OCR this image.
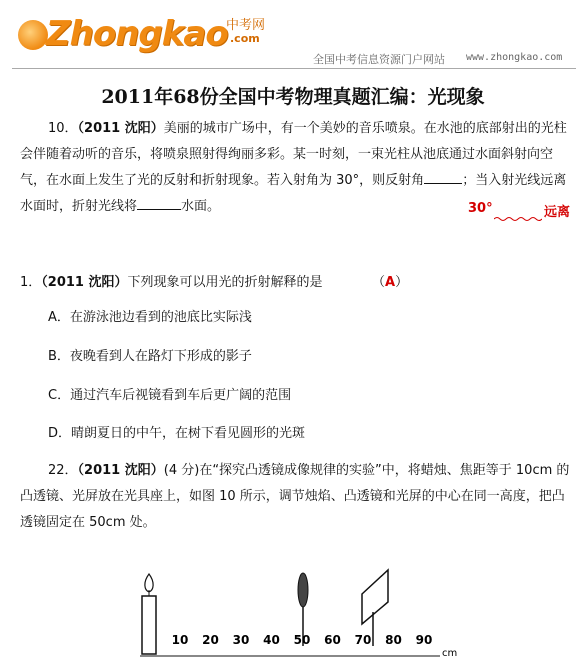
Zhongkao
中考网
.com
全国中考信息资源门户网站 www.zhongkao.com
2011年68份全国中考物理真题汇编：光现象
10．（2011 沈阳）美丽的城市广场中，有一个美妙的音乐喷泉。在水池的底部射出的光柱会伴随着动听的音乐，将喷泉照射得绚丽多彩。某一时刻，一束光柱从池底通过水面斜射向空气，在水面上发生了光的反射和折射现象。若入射角为 30°，则反射角	；当入射光线远离水面时，折射光线将	水面。	30°	远离
1．（2011 沈阳）下列现象可以用光的折射解释的是	（A）
A．在游泳池边看到的池底比实际浅
B．夜晚看到人在路灯下形成的影子
C．通过汽车后视镜看到车后更广阔的范围
D．晴朗夏日的中午，在树下看见圆形的光斑
22．（2011 沈阳）(4 分)在“探究凸透镜成像规律的实验”中，将蜡烛、焦距等于 10cm 的凸透镜、光屏放在光具座上，如图 10 所示，调节烛焰、凸透镜和光屏的中心在同一高度，把凸透镜固定在 50cm 处。
10 20 30 40 50 60 70 80 90
cm
